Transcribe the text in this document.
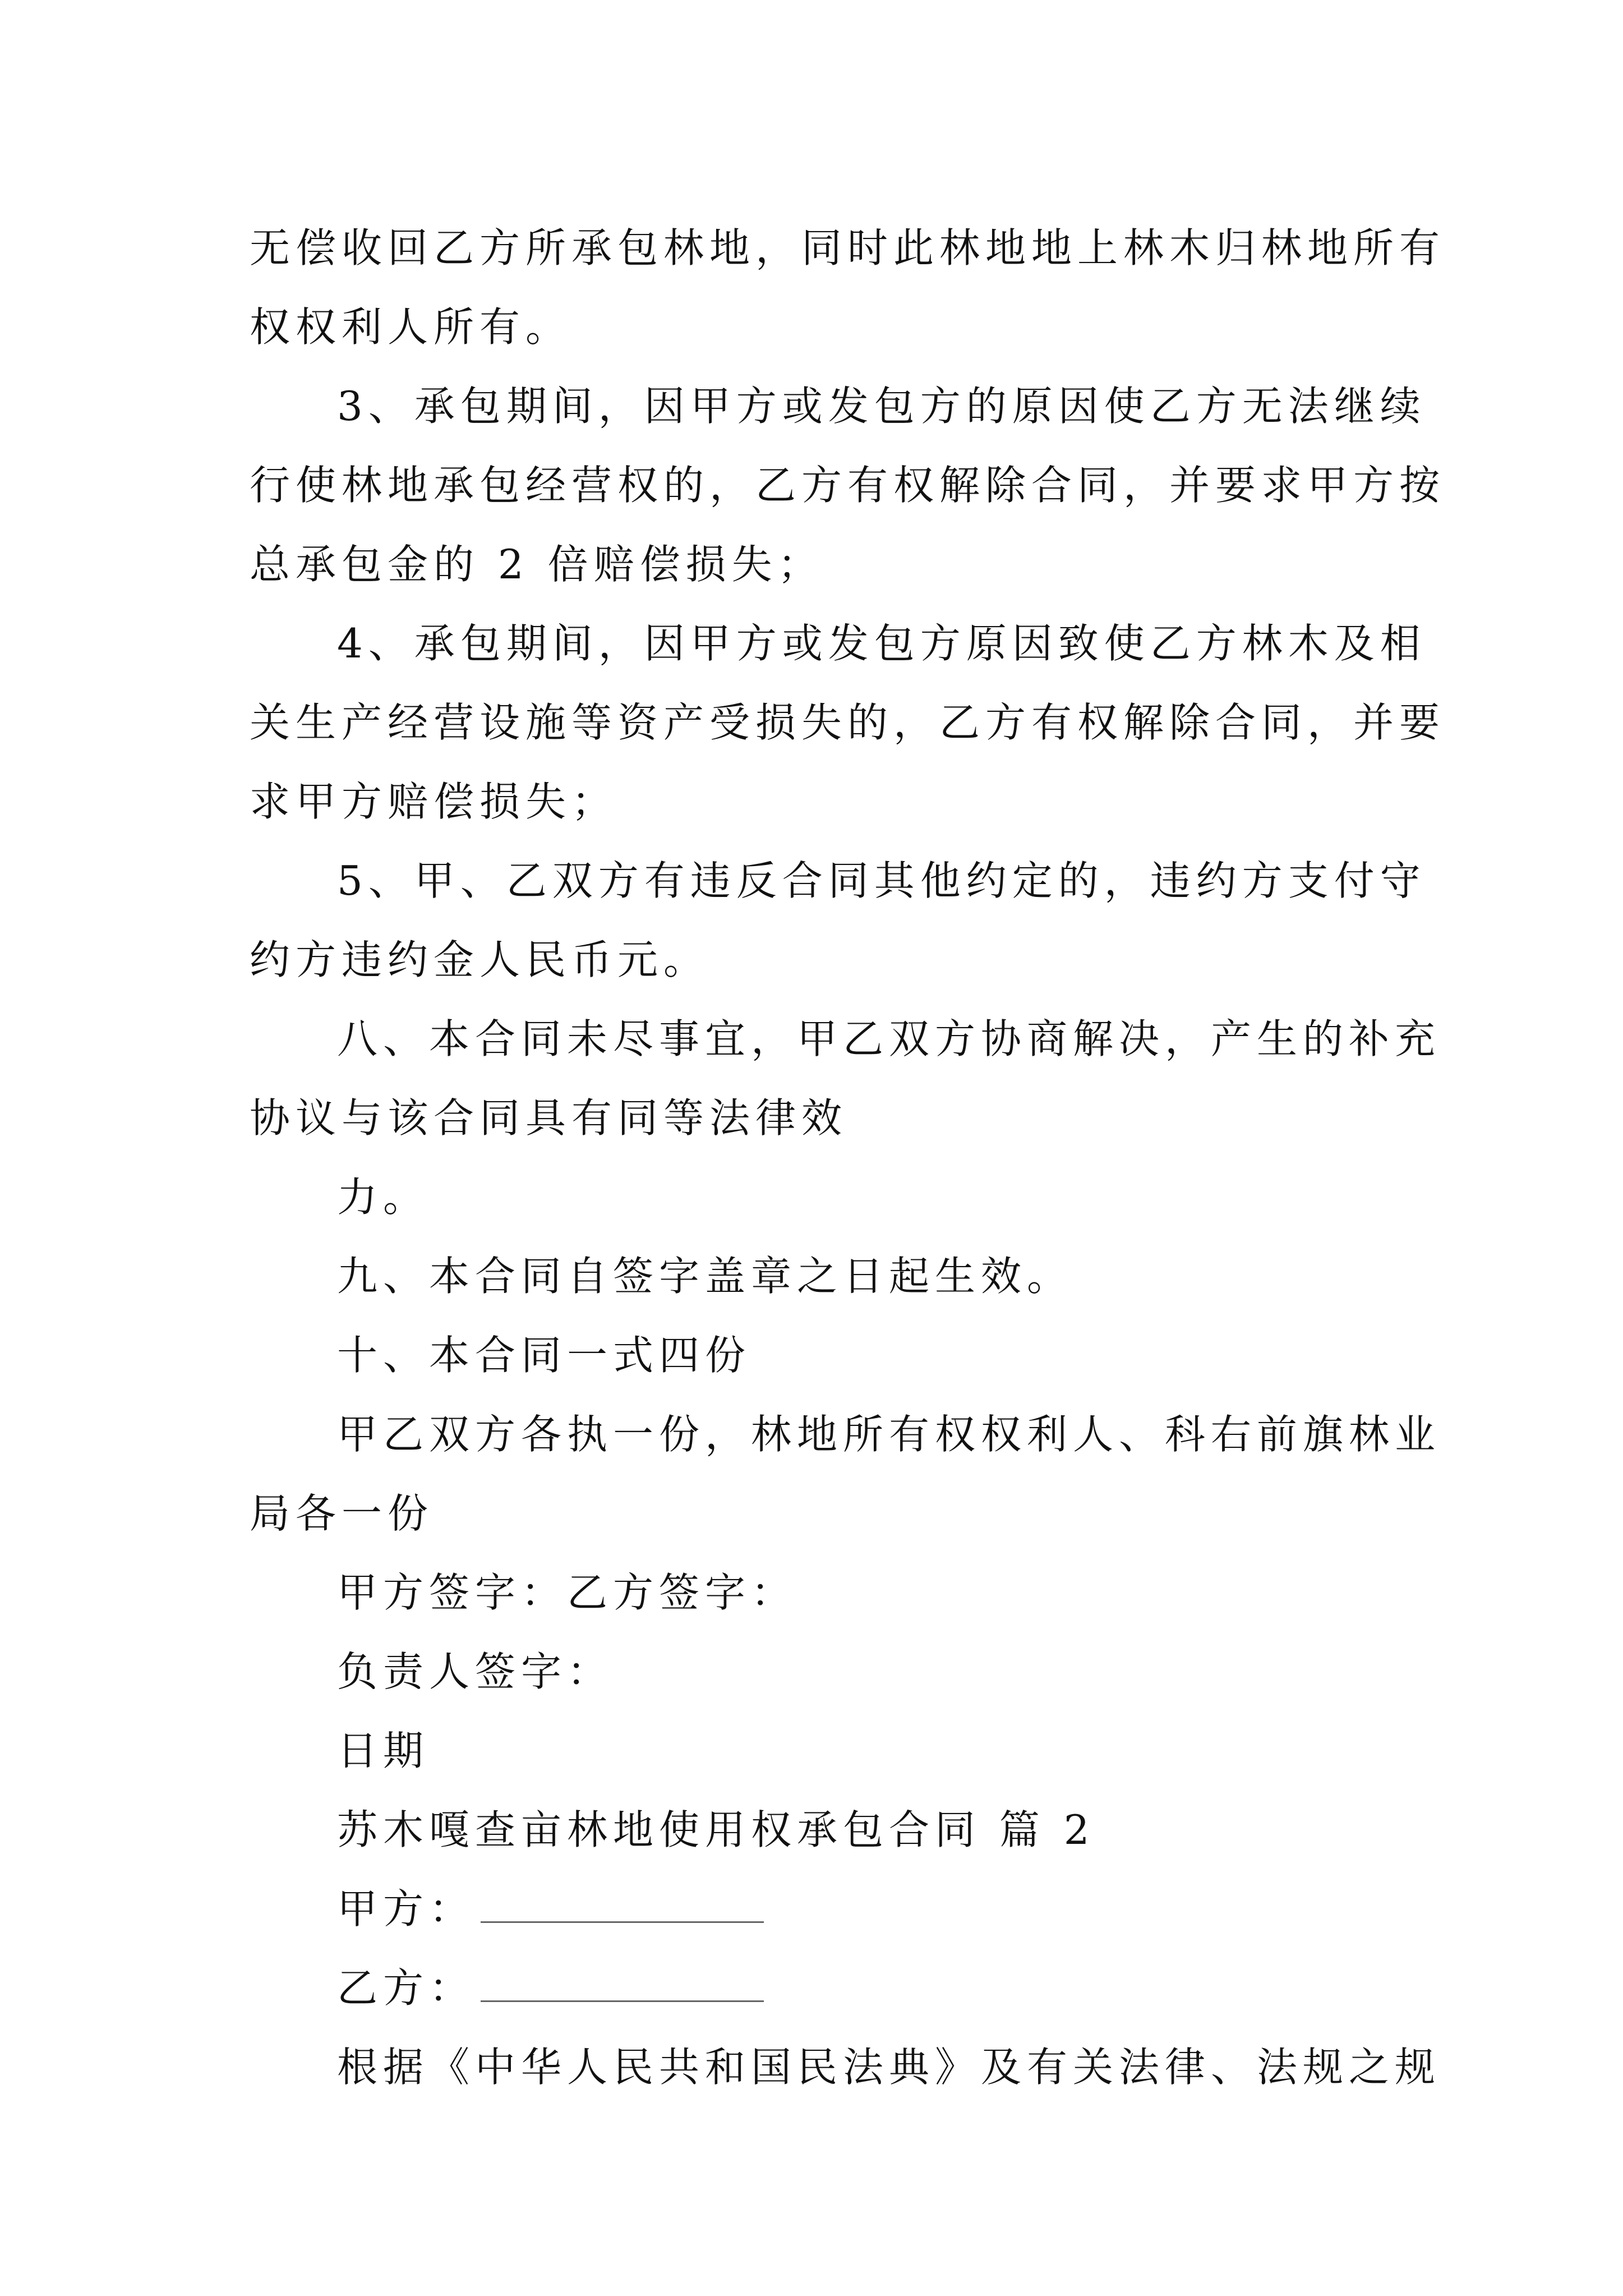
无偿收回乙方所承包林地，同时此林地地上林木归林地所有
权权利人所有。
3、承包期间，因甲方或发包方的原因使乙方无法继续
行使林地承包经营权的，乙方有权解除合同，并要求甲方按
总承包金的 2 倍赔偿损失；
4、承包期间，因甲方或发包方原因致使乙方林木及相
关生产经营设施等资产受损失的，乙方有权解除合同，并要
求甲方赔偿损失；
5、甲、乙双方有违反合同其他约定的，违约方支付守
约方违约金人民币元。
八、本合同未尽事宜，甲乙双方协商解决，产生的补充
协议与该合同具有同等法律效
力。
九、本合同自签字盖章之日起生效。
十、本合同一式四份
甲乙双方各执一份，林地所有权权利人、科右前旗林业
局各一份
甲方签字：乙方签字：
负责人签字：
日期
苏木嘎查亩林地使用权承包合同 篇 2
甲方：
乙方：
根据《中华人民共和国民法典》及有关法律、法规之规
